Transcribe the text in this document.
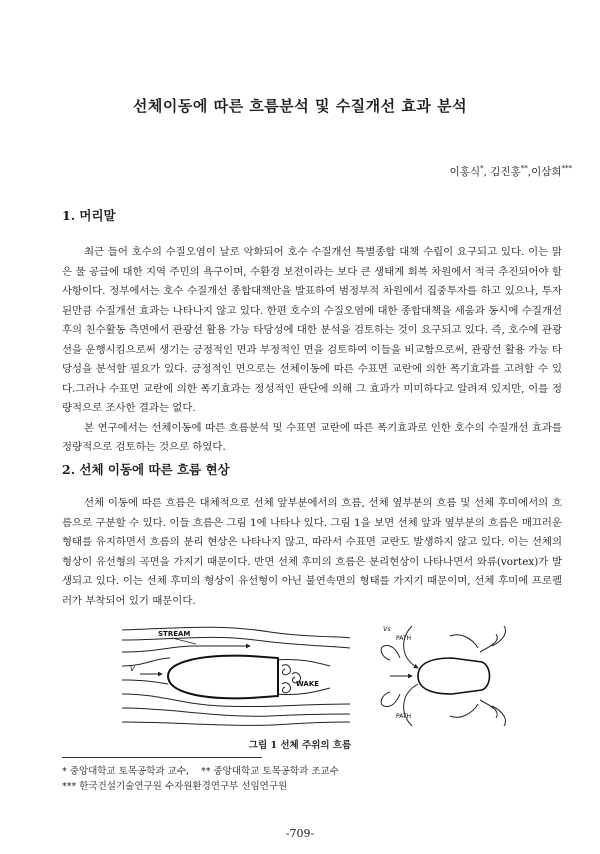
선체이동에 따른 흐름분석 및 수질개선 효과 분석
이홍식*, 김진홍**,이삼희***
1. 머리말

최근 들어 호수의 수질오염이 날로 악화되어 호수 수질개선 특별종합 대책 수립이 요구되고 있다. 이는 맑은 물 공급에 대한 지역 주민의 욕구이며, 수환경 보전이라는 보다 큰 생태계 회복 차원에서 적극 추진되어야 할 사항이다. 정부에서는 호수 수질개선 종합대책안을 발표하여 범정부적 차원에서 집중투자를 하고 있으나, 투자된만큼 수질개선 효과는 나타나지 않고 있다. 한편 호수의 수질오염에 대한 종합대책을 세움과 동시에 수질개선 후의 친수활동 측면에서 관광선 활용 가능 타당성에 대한 분석을 검토하는 것이 요구되고 있다. 즉, 호수에 관광선을 운행시킴으로써 생기는 긍정적인 면과 부정적인 면을 검토하여 이들을 비교함으로써, 관광선 활용 가능 타당성을 분석할 필요가 있다. 긍정적인 면으로는 선체이동에 따른 수표면 교란에 의한 폭기효과를 고려할 수 있다.그러나 수표면 교란에 의한 폭기효과는 정성적인 판단에 의해 그 효과가 미미하다고 알려져 있지만, 이를 정량적으로 조사한 결과는 없다.

본 연구에서는 선체이동에 따른 흐름분석 및 수표면 교란에 따른 폭기효과로 인한 호수의 수질개선 효과를 정량적으로 검토하는 것으로 하였다.

2. 선체 이동에 따른 흐름 현상

선체 이동에 따른 흐름은 대체적으로 선체 앞부분에서의 흐름, 선체 옆부분의 흐름 및 선체 후미에서의 흐름으로 구분할 수 있다. 이들 흐름은 그림 1에 나타나 있다. 그림 1을 보면 선체 앞과 옆부분의 흐름은 매끄러운 형태를 유지하면서 흐름의 분리 현상은 나타나지 않고, 따라서 수표면 교란도 발생하지 않고 있다. 이는 선체의 형상이 유선형의 곡면을 가지기 때문이다. 반면 선체 후미의 흐름은 분리현상이 나타나면서 와류(vortex)가 발생되고 있다. 이는 선체 후미의 형상이 유선형이 아닌 불연속면의 형태를 가지기 때문이며, 선체 후미에 프로펠러가 부착되어 있기 때문이다.

STREAM
WAKE
V
Vs
PATH
PATH
그림 1 선체 주위의 흐름
* 중앙대학교 토목공학과 교수, ** 중앙대학교 토목공학과 조교수
*** 한국건설기술연구원 수자원환경연구부 선임연구원
-709-
